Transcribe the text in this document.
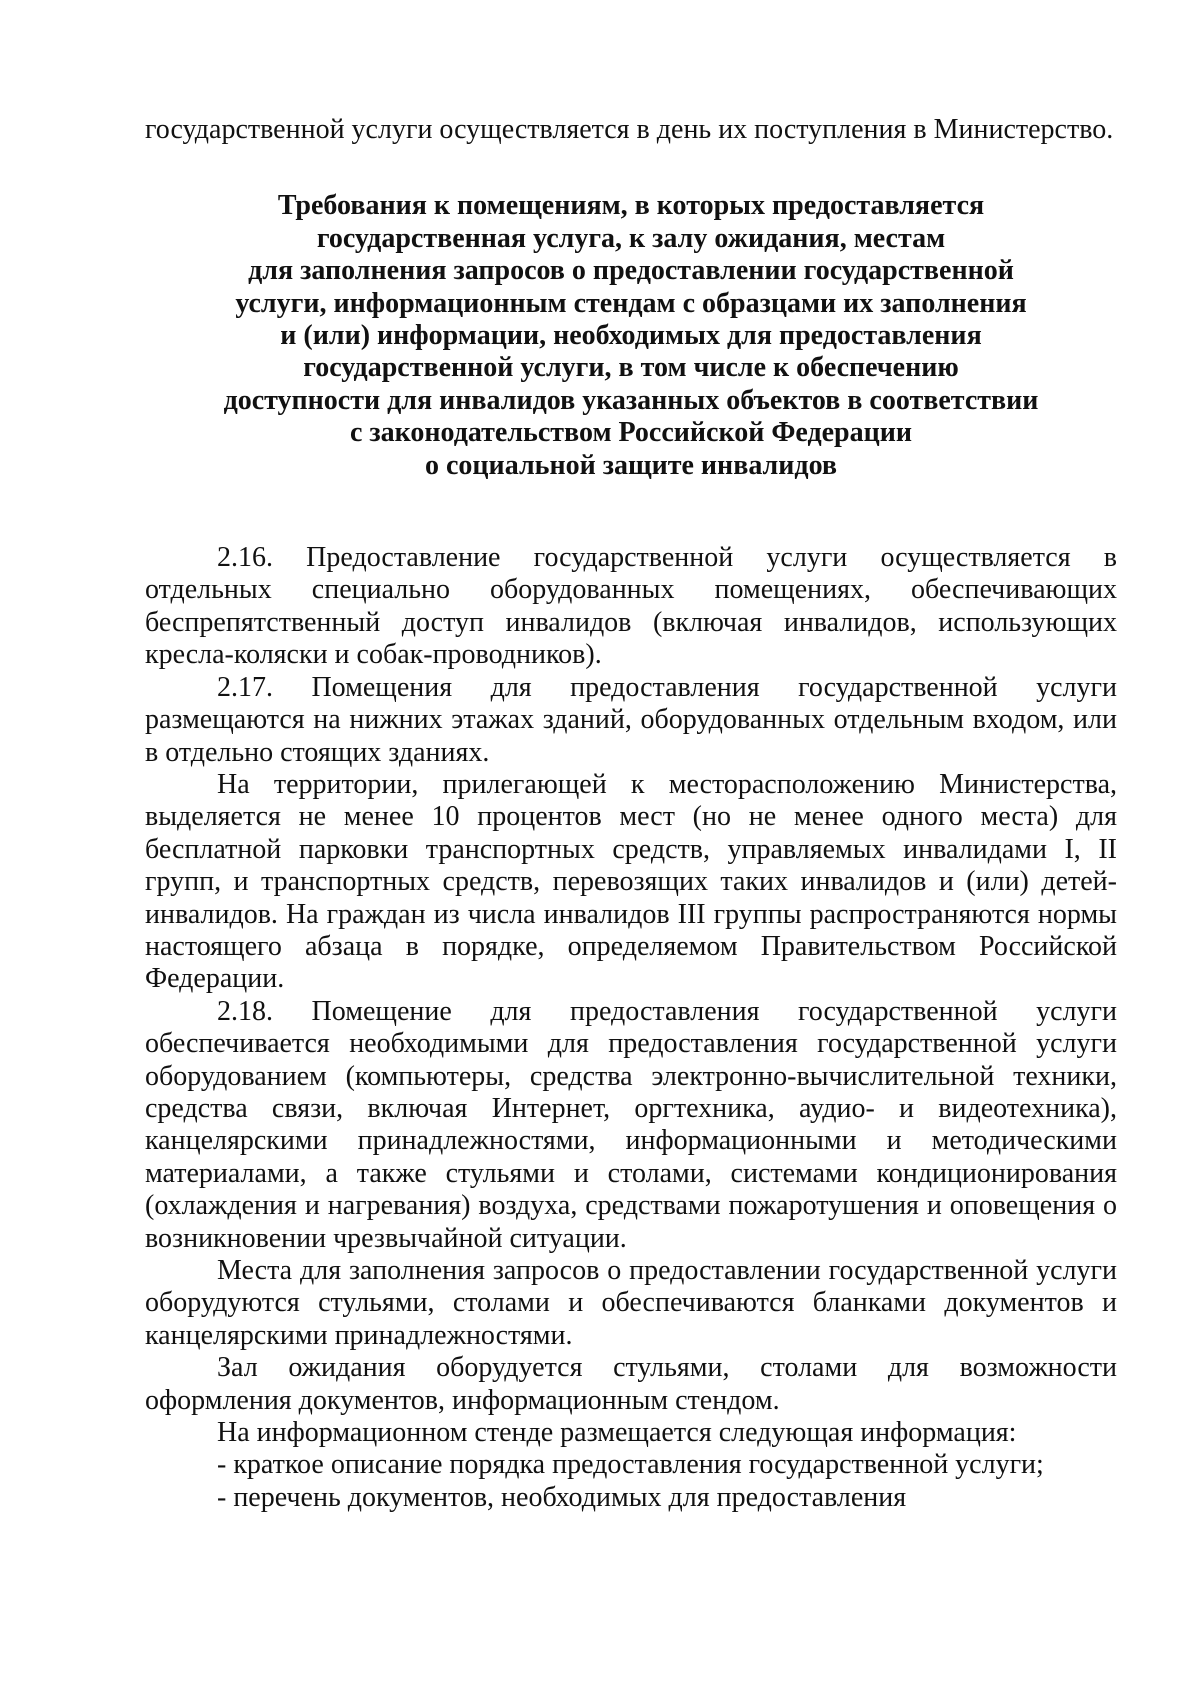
государственной услуги осуществляется в день их поступления в Министерство.

Требования к помещениям, в которых предоставляется
государственная услуга, к залу ожидания, местам
для заполнения запросов о предоставлении государственной
услуги, информационным стендам с образцами их заполнения
и (или) информации, необходимых для предоставления
государственной услуги, в том числе к обеспечению
доступности для инвалидов указанных объектов в соответствии
с законодательством Российской Федерации
о социальной защите инвалидов

2.16. Предоставление государственной услуги осуществляется в отдельных специально оборудованных помещениях, обеспечивающих беспрепятственный доступ инвалидов (включая инвалидов, использующих кресла-коляски и собак-проводников).

2.17. Помещения для предоставления государственной услуги размещаются на нижних этажах зданий, оборудованных отдельным входом, или в отдельно стоящих зданиях.

На территории, прилегающей к месторасположению Министерства, выделяется не менее 10 процентов мест (но не менее одного места) для бесплатной парковки транспортных средств, управляемых инвалидами I, II групп, и транспортных средств, перевозящих таких инвалидов и (или) детей-инвалидов. На граждан из числа инвалидов III группы распространяются нормы настоящего абзаца в порядке, определяемом Правительством Российской Федерации.

2.18. Помещение для предоставления государственной услуги обеспечивается необходимыми для предоставления государственной услуги оборудованием (компьютеры, средства электронно-вычислительной техники, средства связи, включая Интернет, оргтехника, аудио- и видеотехника), канцелярскими принадлежностями, информационными и методическими материалами, а также стульями и столами, системами кондиционирования (охлаждения и нагревания) воздуха, средствами пожаротушения и оповещения о возникновении чрезвычайной ситуации.

Места для заполнения запросов о предоставлении государственной услуги оборудуются стульями, столами и обеспечиваются бланками документов и канцелярскими принадлежностями.

Зал ожидания оборудуется стульями, столами для возможности оформления документов, информационным стендом.

На информационном стенде размещается следующая информация:

- краткое описание порядка предоставления государственной услуги;

- перечень документов, необходимых для предоставления
